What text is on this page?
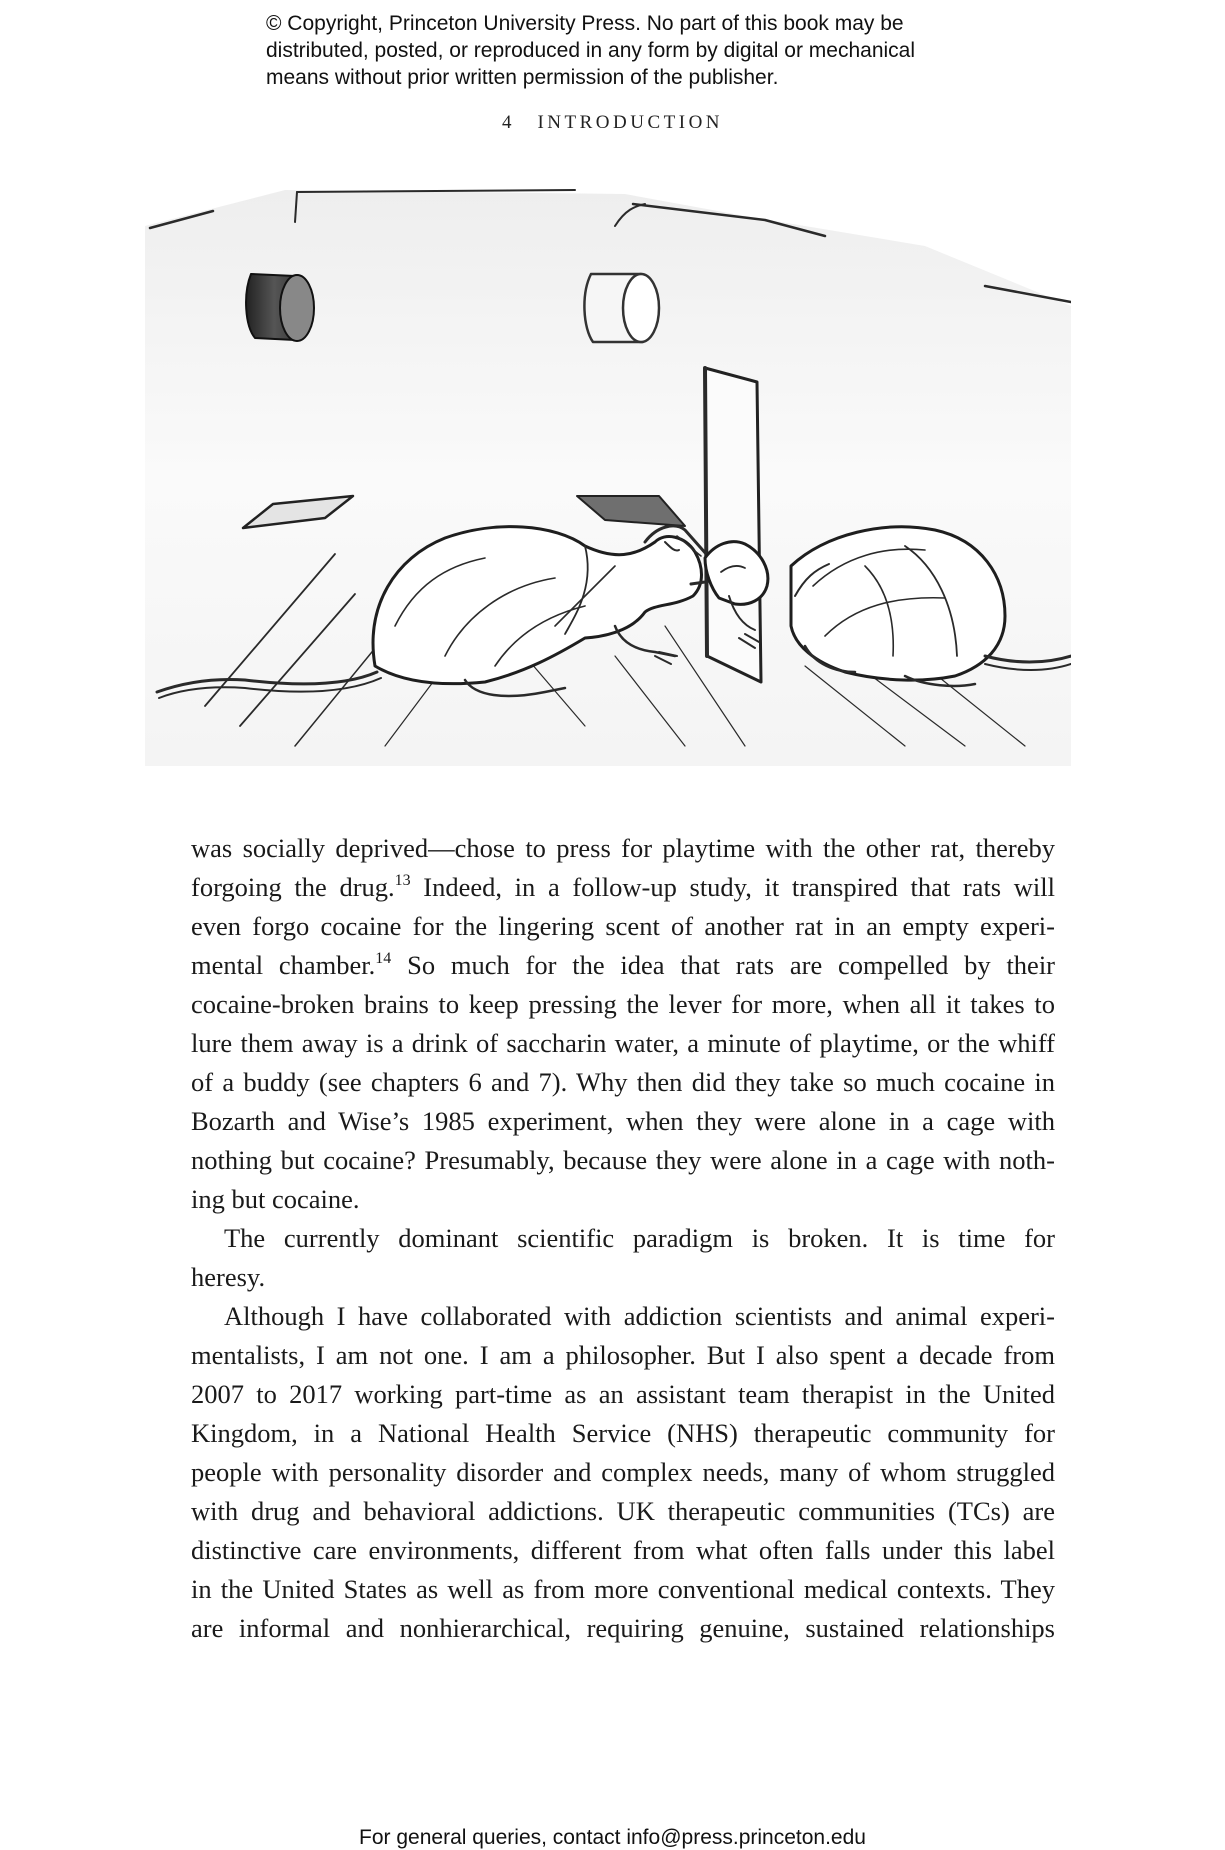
© Copyright, Princeton University Press. No part of this book may be
distributed, posted, or reproduced in any form by digital or mechanical
means without prior written permission of the publisher.
4 INTRODUCTION
was socially deprived—chose to press for playtime with the other rat, thereby
forgoing the drug.$^{13}$ Indeed, in a follow-up study, it transpired that rats will
even forgo cocaine for the lingering scent of another rat in an empty experi-
mental chamber.$^{14}$ So much for the idea that rats are compelled by their
cocaine-broken brains to keep pressing the lever for more, when all it takes to
lure them away is a drink of saccharin water, a minute of playtime, or the whiff
of a buddy (see chapters 6 and 7). Why then did they take so much cocaine in
Bozarth and Wise’s 1985 experiment, when they were alone in a cage with
nothing but cocaine? Presumably, because they were alone in a cage with noth-
ing but cocaine.
The currently dominant scientific paradigm is broken. It is time for
heresy.
Although I have collaborated with addiction scientists and animal experi-
mentalists, I am not one. I am a philosopher. But I also spent a decade from
2007 to 2017 working part-time as an assistant team therapist in the United
Kingdom, in a National Health Service (NHS) therapeutic community for
people with personality disorder and complex needs, many of whom struggled
with drug and behavioral addictions. UK therapeutic communities (TCs) are
distinctive care environments, different from what often falls under this label
in the United States as well as from more conventional medical contexts. They
are informal and nonhierarchical, requiring genuine, sustained relationships
For general queries, contact info@press.princeton.edu
